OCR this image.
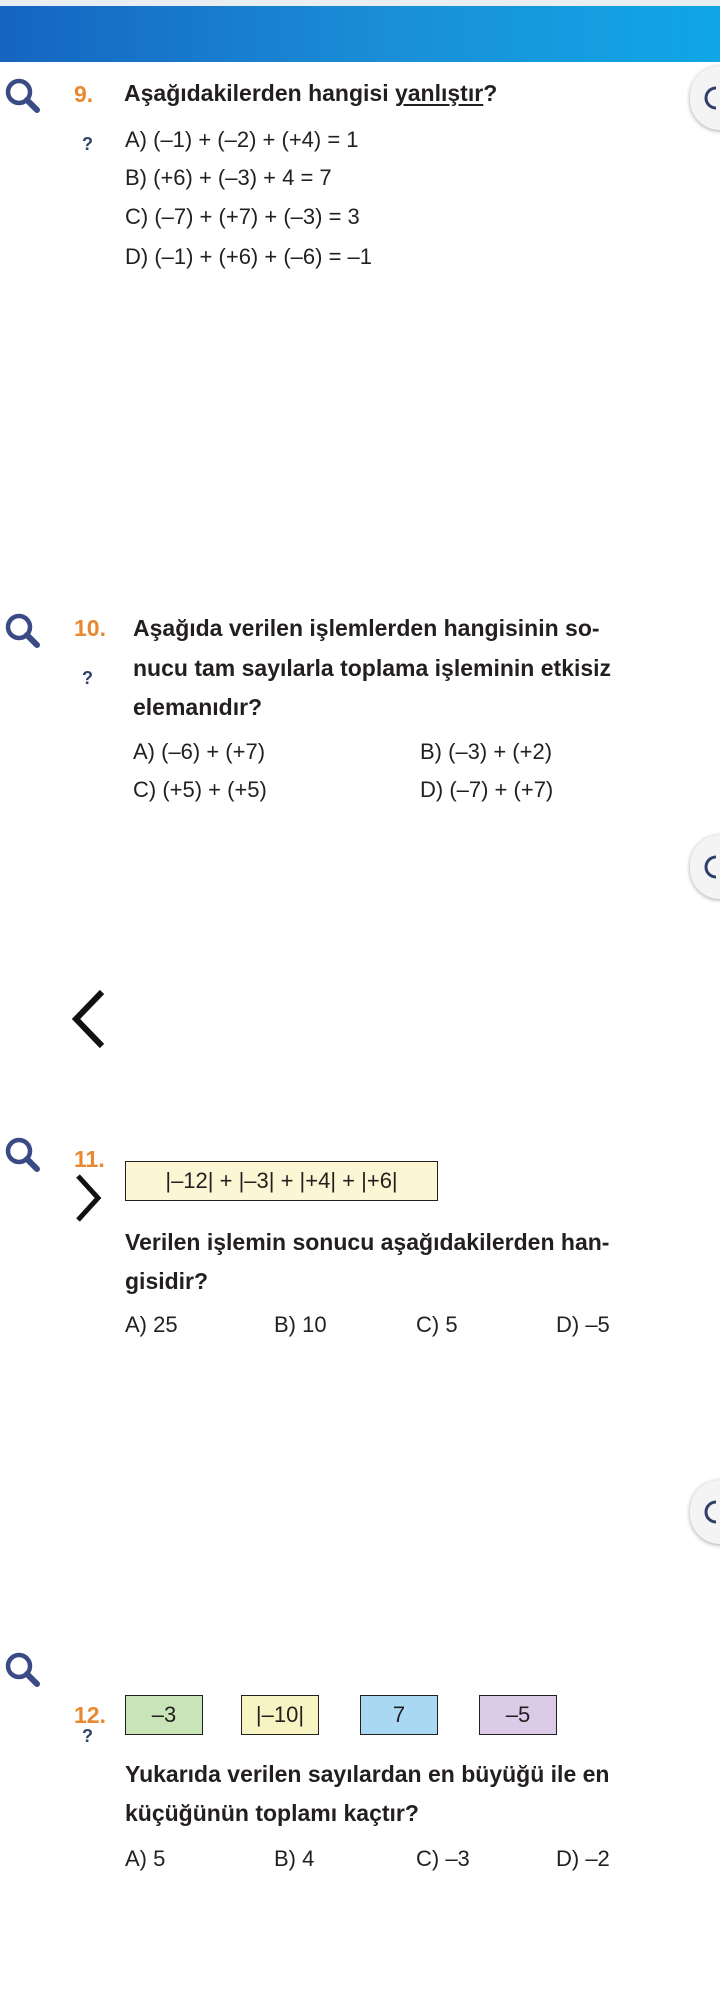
9. Aşağıdakilerden hangisi yanlıştır?
? A) (–1) + (–2) + (+4) = 1
B) (+6) + (–3) + 4 = 7
C) (–7) + (+7) + (–3) = 3
D) (–1) + (+6) + (–6) = –1
10. Aşağıda verilen işlemlerden hangisinin so-
? nucu tam sayılarla toplama işleminin etkisiz
elemanıdır?
A) (–6) + (+7)	B) (–3) + (+2)
C) (+5) + (+5)	D) (–7) + (+7)
11.
|–12| + |–3| + |+4| + |+6|
Verilen işlemin sonucu aşağıdakilerden han-
gisidir?
A) 25	B) 10	C) 5	D) –5
12.
?
–3	|–10|	7	–5
Yukarıda verilen sayılardan en büyüğü ile en
küçüğünün toplamı kaçtır?
A) 5	B) 4	C) –3	D) –2
